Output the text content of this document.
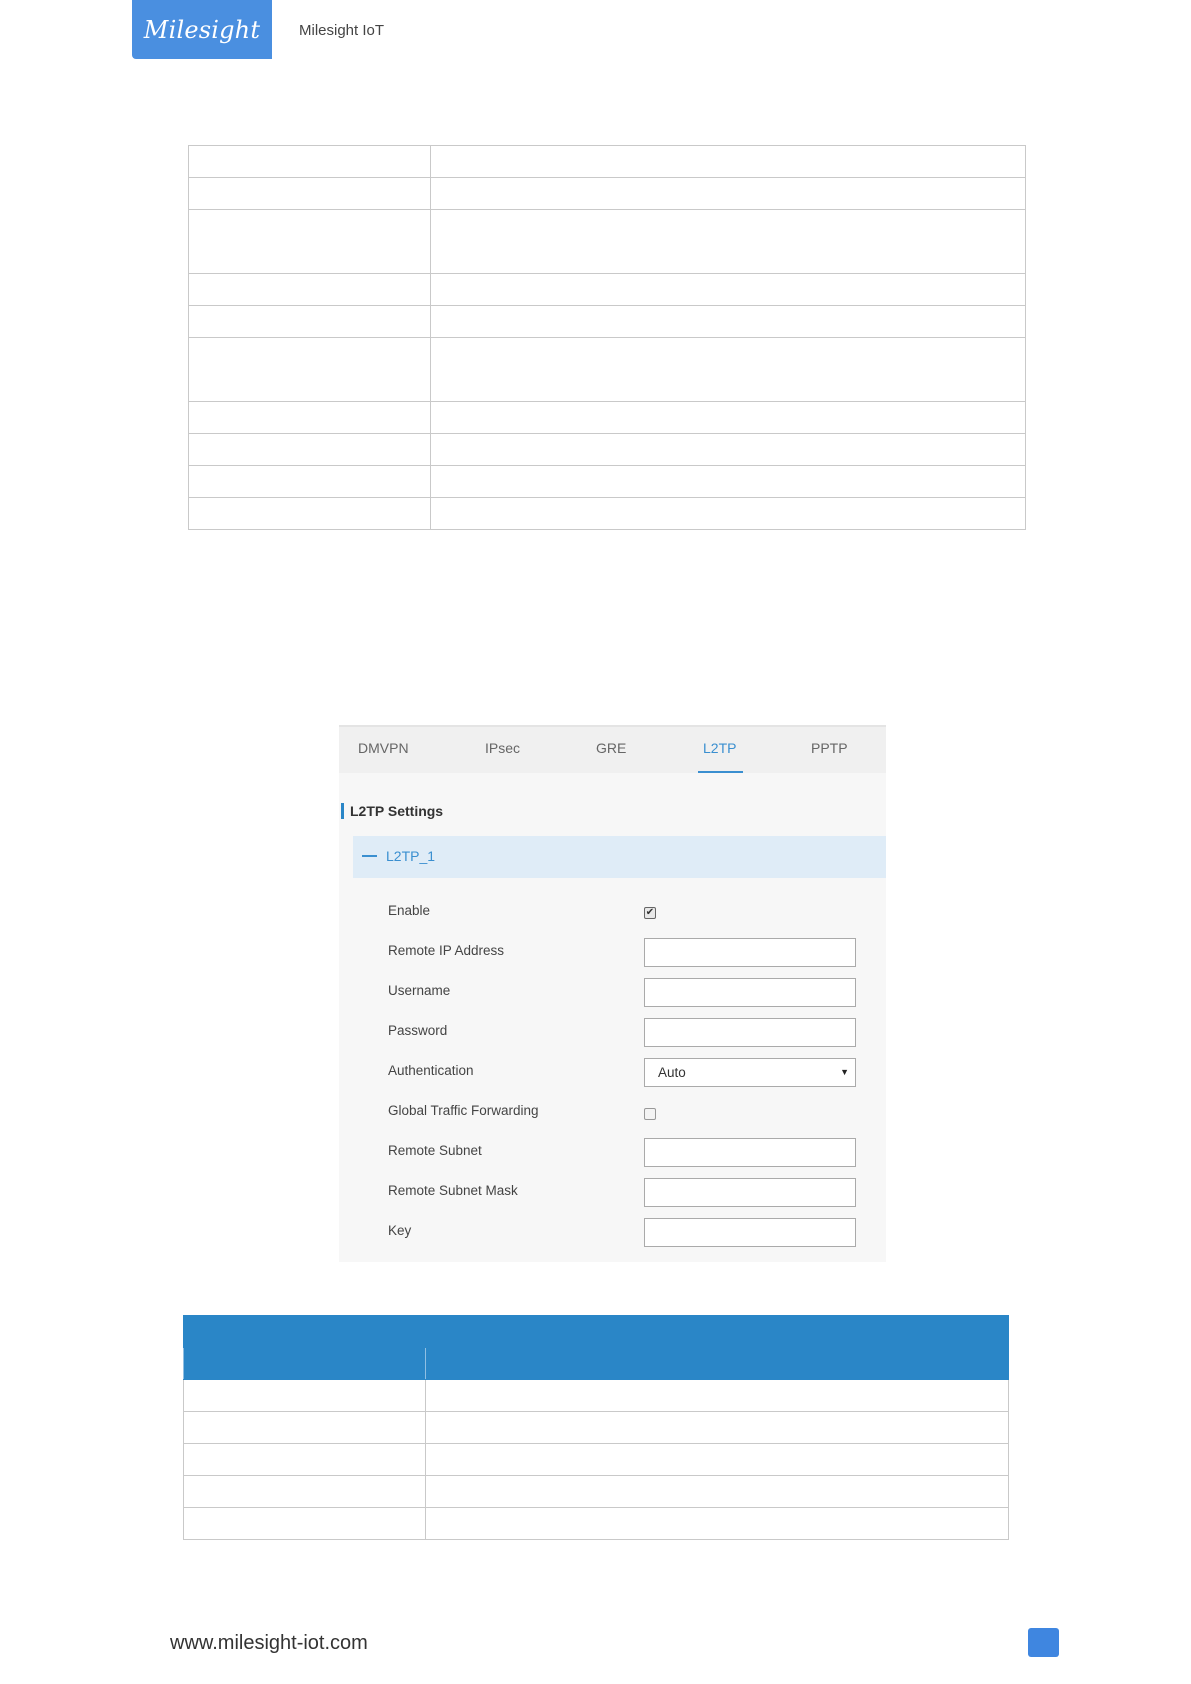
Milesight	Milesight IoT

DMVPN	IPsec	GRE	L2TP	PPTP
L2TP Settings
L2TP_1
Enable	✔
Remote IP Address
Username
Password
Authentication	Auto	▼
Global Traffic Forwarding
Remote Subnet
Remote Subnet Mask
Key

www.milesight-iot.com
